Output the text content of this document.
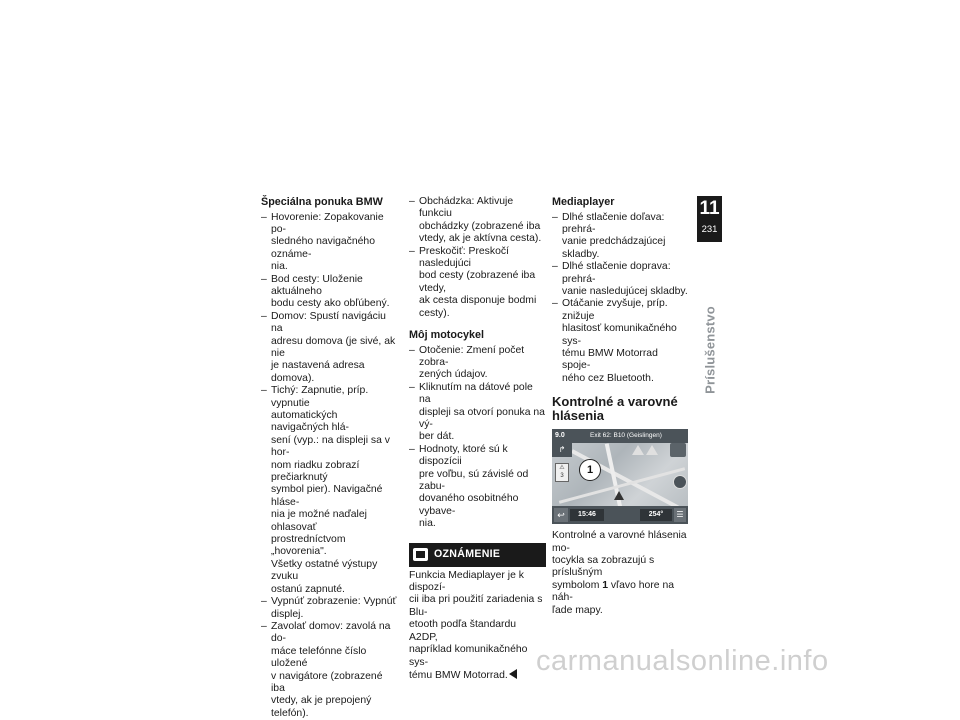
Špeciálna ponuka BMW
– Hovorenie: Zopakovanie po-
sledného navigačného oznáme-
nia.
– Bod cesty: Uloženie aktuálneho
bodu cesty ako obľúbený.
– Domov: Spustí navigáciu na
adresu domova (je sivé, ak nie
je nastavená adresa domova).
– Tichý: Zapnutie, príp. vypnutie
automatických navigačných hlá-
sení (vyp.: na displeji sa v hor-
nom riadku zobrazí prečiarknutý
symbol pier). Navigačné hláse-
nia je možné naďalej ohlasovať
prostredníctvom „hovorenia".
Všetky ostatné výstupy zvuku
ostanú zapnuté.
– Vypnúť zobrazenie: Vypnúť
displej.
– Zavolať domov: zavolá na do-
máce telefónne číslo uložené
v navigátore (zobrazené iba
vtedy, ak je prepojený telefón).
– Obchádzka: Aktivuje funkciu
obchádzky (zobrazené iba
vtedy, ak je aktívna cesta).
– Preskočiť: Preskočí nasledujúci
bod cesty (zobrazené iba vtedy,
ak cesta disponuje bodmi
cesty).
Môj motocykel
– Otočenie: Zmení počet zobra-
zených údajov.
– Kliknutím na dátové pole na
displeji sa otvorí ponuka na vý-
ber dát.
– Hodnoty, ktoré sú k dispozícii
pre voľbu, sú závislé od zabu-
dovaného osobitného vybave-
nia.
OZNÁMENIE

Funkcia Mediaplayer je k dispozí-
cii iba pri použití zariadenia s Blu-
etooth podľa štandardu A2DP,
napríklad komunikačného sys-
tému BMW Motorrad.

Mediaplayer
– Dlhé stlačenie doľava: prehrá-
vanie predchádzajúcej skladby.
– Dlhé stlačenie doprava: prehrá-
vanie nasledujúcej skladby.
– Otáčanie zvyšuje, príp. znižuje
hlasitosť komunikačného sys-
tému BMW Motorrad spoje-
ného cez Bluetooth.
Kontrolné a varovné
hlásenia
9.0	Exit 62: B10 (Geislingen)
↱
⚠
3	1
↩	15:46	254°	☰

Kontrolné a varovné hlásenia mo-
tocykla sa zobrazujú s príslušným
symbolom 1 vľavo hore na náh-
ľade mapy.

11
231
Príslušenstvo
carmanualsonline.info
